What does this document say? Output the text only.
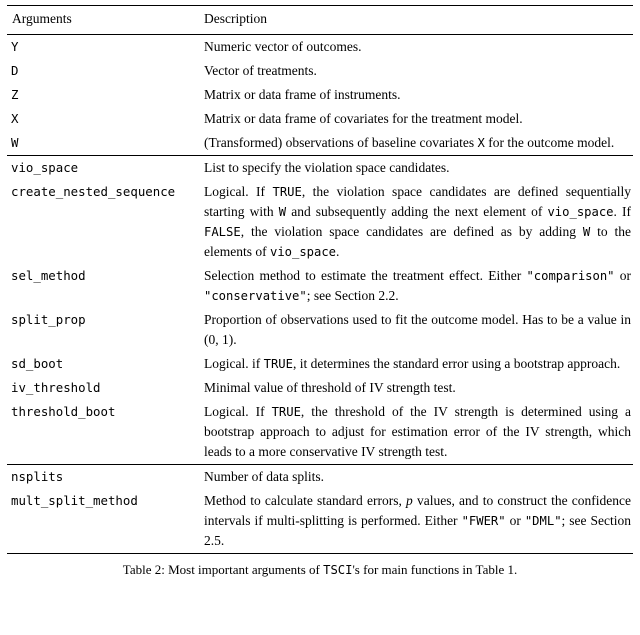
Arguments	Description
Y	Numeric vector of outcomes.
D	Vector of treatments.
Z	Matrix or data frame of instruments.
X	Matrix or data frame of covariates for the treatment model.
W	(Transformed) observations of baseline covariates X for the outcome model.
vio_space	List to specify the violation space candidates.
create_nested_sequence	Logical. If TRUE, the violation space candidates are defined sequentially starting with W and subsequently adding the next element of vio_space. If FALSE, the violation space candidates are defined as by adding W to the elements of vio_space.
sel_method	Selection method to estimate the treatment effect. Either "comparison" or "conservative"; see Section 2.2.
split_prop	Proportion of observations used to fit the outcome model. Has to be a value in (0, 1).
sd_boot	Logical. if TRUE, it determines the standard error using a bootstrap approach.
iv_threshold	Minimal value of threshold of IV strength test.
threshold_boot	Logical. If TRUE, the threshold of the IV strength is determined using a bootstrap approach to adjust for estimation error of the IV strength, which leads to a more conservative IV strength test.
nsplits	Number of data splits.
mult_split_method	Method to calculate standard errors, p values, and to construct the confidence intervals if multi-splitting is performed. Either "FWER" or "DML"; see Section 2.5.
Table 2: Most important arguments of TSCI's for main functions in Table 1.
